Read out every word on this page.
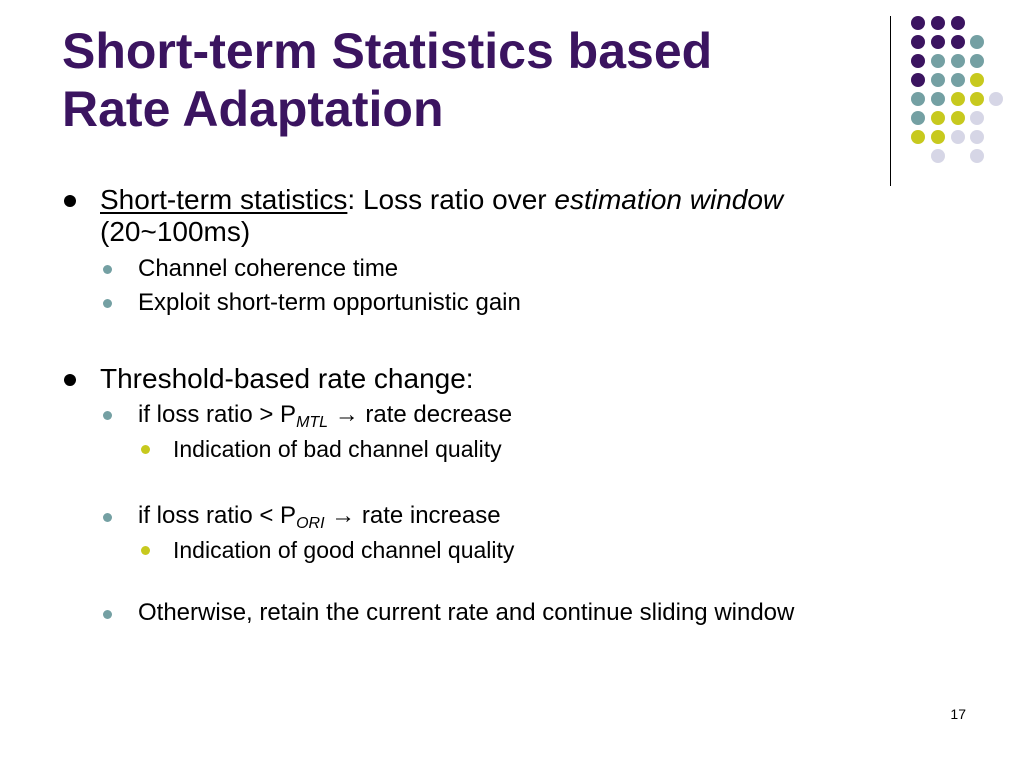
Short-term Statistics based
Rate Adaptation

Short-term statistics: Loss ratio over estimation window

(20~100ms)

Channel coherence time

Exploit short-term opportunistic gain

Threshold-based rate change:

if loss ratio > $P_{MTL}$ → rate decrease

Indication of bad channel quality

if loss ratio < $P_{ORI}$ → rate increase

Indication of good channel quality

Otherwise, retain the current rate and continue sliding window

17
